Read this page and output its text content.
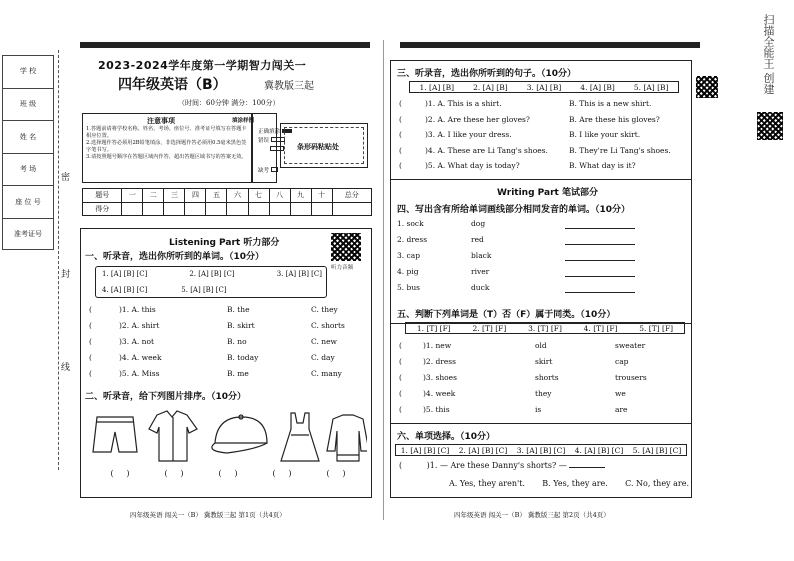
学 校
班 级
姓 名
考 场
座 位 号
准考证号
密
封
线
2023-2024学年度第一学期智力闯关一
四年级英语（B）	冀教版三起
（时间：60分钟 满分：100分）
注意事项
1.答题前请将学校名称、姓名、考场、座位号、准考证号填写在答题卡相应位置。
2.选择题作答必须用2B铅笔填涂，非选择题作答必须用0.5毫米黑色签字笔书写。
3.请按照题号顺序在答题区域内作答，超出答题区域书写的答案无效。
填涂样例
正确填涂
错误
缺考
条形码粘贴处
题号	一	二	三	四	五	六	七	八	九	十	总分
得分											
Listening Part 听力部分
听力音频
一、听录音，选出你所听到的单词。（10分）
1. [A] [B] [C]	2. [A] [B] [C]	3. [A] [B] [C]
4. [A] [B] [C]	5. [A] [B] [C]
(	)1. A. this	B. the	C. they
(	)2. A. shirt	B. skirt	C. shorts
(	)3. A. not	B. no	C. new
(	)4. A. week	B. today	C. day
(	)5. A. Miss	B. me	C. many
二、听录音，给下列图片排序。（10分）
(     )	(     )	(     )	(     )	(     )
四年级英语 闯关一（B） 冀教版三起 第1页（共4页）
三、听录音，选出你所听到的句子。（10分）
1. [A] [B]	2. [A] [B]	3. [A] [B]	4. [A] [B]	5. [A] [B]
(	)1. A. This is a shirt.	B. This is a new shirt.
(	)2. A. Are these her gloves?	B. Are these his gloves?
(	)3. A. I like your dress.	B. I like your skirt.
(	)4. A. These are Li Tang's shoes.	B. They're Li Tang's shoes.
(	)5. A. What day is today?	B. What day is it?
Writing Part 笔试部分
四、写出含有所给单词画线部分相同发音的单词。（10分）
1. sock	dog
2. dress	red
3. cap	black
4. pig	river
5. bus	duck
五、判断下列单词是（T）否（F）属于同类。（10分）
1. [T] [F]	2. [T] [F]	3. [T] [F]	4. [T] [F]	5. [T] [F]
(	)1. new	old	sweater
(	)2. dress	skirt	cap
(	)3. shoes	shorts	trousers
(	)4. week	they	we
(	)5. this	is	are
六、单项选择。（10分）
1. [A] [B] [C]	2. [A] [B] [C]	3. [A] [B] [C]	4. [A] [B] [C]	5. [A] [B] [C]
(	)1. — Are these Danny's shorts? —
A. Yes, they aren't. B. Yes, they are. C. No, they are.
四年级英语 闯关一（B） 冀教版三起 第2页（共4页）
扫描全能王 创建
